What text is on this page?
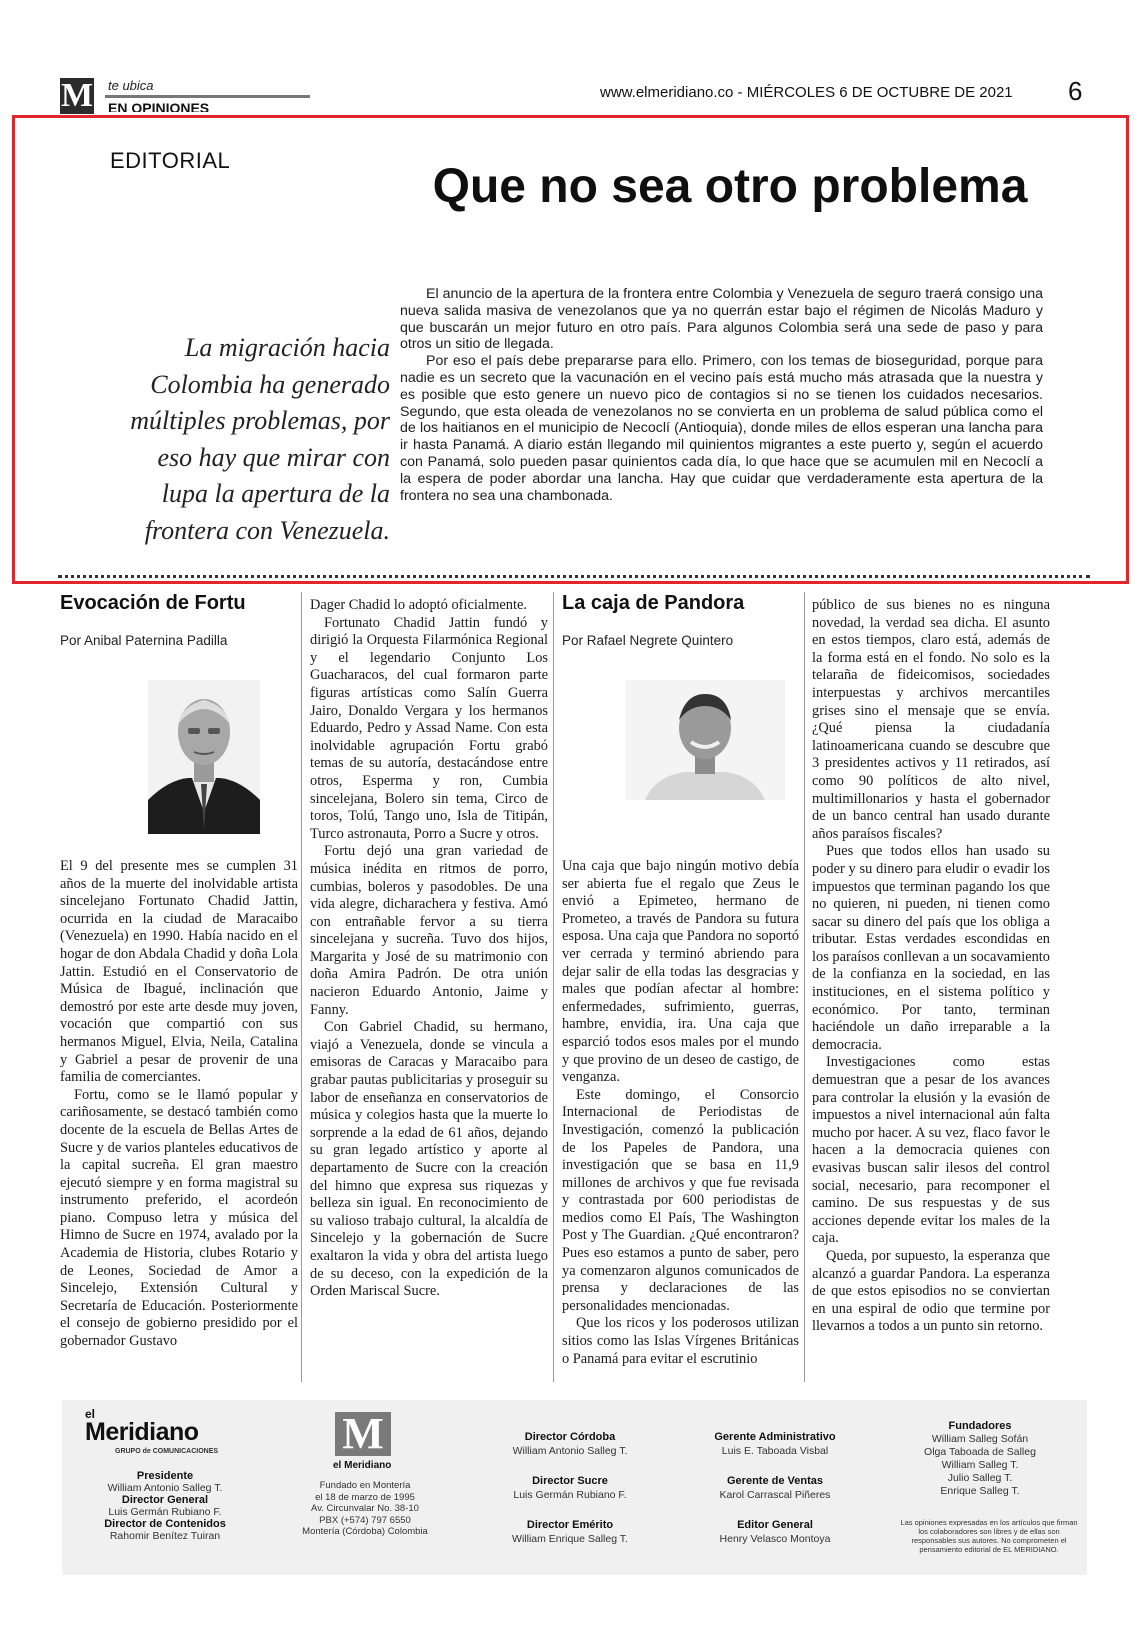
M te ubica
EN OPINIONES
www.elmeridiano.co - MIÉRCOLES 6 DE OCTUBRE DE 2021 6
EDITORIAL	Que no sea otro problema
La migración hacia Colombia ha generado múltiples problemas, por eso hay que mirar con lupa la apertura de la frontera con Venezuela.

El anuncio de la apertura de la frontera entre Colombia y Venezuela de seguro traerá consigo una nueva salida masiva de venezolanos que ya no querrán estar bajo el régimen de Nicolás Maduro y que buscarán un mejor futuro en otro país. Para algunos Colombia será una sede de paso y para otros un sitio de llegada.

Por eso el país debe prepararse para ello. Primero, con los temas de bioseguridad, porque para nadie es un secreto que la vacunación en el vecino país está mucho más atrasada que la nuestra y es posible que esto genere un nuevo pico de contagios si no se tienen los cuidados necesarios. Segundo, que esta oleada de venezolanos no se convierta en un problema de salud pública como el de los haitianos en el municipio de Necoclí (Antioquia), donde miles de ellos esperan una lancha para ir hasta Panamá. A diario están llegando mil quinientos migrantes a este puerto y, según el acuerdo con Panamá, solo pueden pasar quinientos cada día, lo que hace que se acumulen mil en Necoclí a la espera de poder abordar una lancha. Hay que cuidar que verdaderamente esta apertura de la frontera no sea una chambonada.

Evocación de Fortu
Por Anibal Paternina Padilla

El 9 del presente mes se cumplen 31 años de la muerte del inolvidable artista sincelejano Fortunato Chadid Jattin, ocurrida en la ciudad de Maracaibo (Venezuela) en 1990. Había nacido en el hogar de don Abdala Chadid y doña Lola Jattin. Estudió en el Conservatorio de Música de Ibagué, inclinación que demostró por este arte desde muy joven, vocación que compartió con sus hermanos Miguel, Elvia, Neila, Catalina y Gabriel a pesar de provenir de una familia de comerciantes.

Fortu, como se le llamó popular y cariñosamente, se destacó también como docente de la escuela de Bellas Artes de Sucre y de varios planteles educativos de la capital sucreña. El gran maestro ejecutó siempre y en forma magistral su instrumento preferido, el acordeón piano. Compuso letra y música del Himno de Sucre en 1974, avalado por la Academia de Historia, clubes Rotario y de Leones, Sociedad de Amor a Sincelejo, Extensión Cultural y Secretaría de Educación. Posteriormente el consejo de gobierno presidido por el gobernador Gustavo

Dager Chadid lo adoptó oficialmente.

Fortunato Chadid Jattin fundó y dirigió la Orquesta Filarmónica Regional y el legendario Conjunto Los Guacharacos, del cual formaron parte figuras artísticas como Salín Guerra Jairo, Donaldo Vergara y los hermanos Eduardo, Pedro y Assad Name. Con esta inolvidable agrupación Fortu grabó temas de su autoría, destacándose entre otros, Esperma y ron, Cumbia sincelejana, Bolero sin tema, Circo de toros, Tolú, Tango uno, Isla de Titipán, Turco astronauta, Porro a Sucre y otros.

Fortu dejó una gran variedad de música inédita en ritmos de porro, cumbias, boleros y pasodobles. De una vida alegre, dicharachera y festiva. Amó con entrañable fervor a su tierra sincelejana y sucreña. Tuvo dos hijos, Margarita y José de su matrimonio con doña Amira Padrón. De otra unión nacieron Eduardo Antonio, Jaime y Fanny.

Con Gabriel Chadid, su hermano, viajó a Venezuela, donde se vincula a emisoras de Caracas y Maracaibo para grabar pautas publicitarias y proseguir su labor de enseñanza en conservatorios de música y colegios hasta que la muerte lo sorprende a la edad de 61 años, dejando su gran legado artístico y aporte al departamento de Sucre con la creación del himno que expresa sus riquezas y belleza sin igual. En reconocimiento de su valioso trabajo cultural, la alcaldía de Sincelejo y la gobernación de Sucre exaltaron la vida y obra del artista luego de su deceso, con la expedición de la Orden Mariscal Sucre.

La caja de Pandora
Por Rafael Negrete Quintero

Una caja que bajo ningún motivo debía ser abierta fue el regalo que Zeus le envió a Epimeteo, hermano de Prometeo, a través de Pandora su futura esposa. Una caja que Pandora no soportó ver cerrada y terminó abriendo para dejar salir de ella todas las desgracias y males que podían afectar al hombre: enfermedades, sufrimiento, guerras, hambre, envidia, ira. Una caja que esparció todos esos males por el mundo y que provino de un deseo de castigo, de venganza.

Este domingo, el Consorcio Internacional de Periodistas de Investigación, comenzó la publicación de los Papeles de Pandora, una investigación que se basa en 11,9 millones de archivos y que fue revisada y contrastada por 600 periodistas de medios como El País, The Washington Post y The Guardian. ¿Qué encontraron? Pues eso estamos a punto de saber, pero ya comenzaron algunos comunicados de prensa y declaraciones de las personalidades mencionadas.

Que los ricos y los poderosos utilizan sitios como las Islas Vírgenes Británicas o Panamá para evitar el escrutinio

público de sus bienes no es ninguna novedad, la verdad sea dicha. El asunto en estos tiempos, claro está, además de la forma está en el fondo. No solo es la telaraña de fideicomisos, sociedades interpuestas y archivos mercantiles grises sino el mensaje que se envía. ¿Qué piensa la ciudadanía latinoamericana cuando se descubre que 3 presidentes activos y 11 retirados, así como 90 políticos de alto nivel, multimillonarios y hasta el gobernador de un banco central han usado durante años paraísos fiscales?

Pues que todos ellos han usado su poder y su dinero para eludir o evadir los impuestos que terminan pagando los que no quieren, ni pueden, ni tienen como sacar su dinero del país que los obliga a tributar. Estas verdades escondidas en los paraísos conllevan a un socavamiento de la confianza en la sociedad, en las instituciones, en el sistema político y económico. Por tanto, terminan haciéndole un daño irreparable a la democracia.

Investigaciones como estas demuestran que a pesar de los avances para controlar la elusión y la evasión de impuestos a nivel internacional aún falta mucho por hacer. A su vez, flaco favor le hacen a la democracia quienes con evasivas buscan salir ilesos del control social, necesario, para recomponer el camino. De sus respuestas y de sus acciones depende evitar los males de la caja.

Queda, por supuesto, la esperanza que alcanzó a guardar Pandora. La esperanza de que estos episodios no se conviertan en una espiral de odio que termine por llevarnos a todos a un punto sin retorno.

el
Meridiano
GRUPO de COMUNICACIONES
Presidente
William Antonio Salleg T.
Director General
Luis Germán Rubiano F.
Director de Contenidos
Rahomir Benítez Tuiran
M
el Meridiano
Fundado en Montería
el 18 de marzo de 1995
Av. Circunvalar No. 38-10
PBX (+574) 797 6550
Montería (Córdoba) Colombia
Director Córdoba
William Antonio Salleg T.
Director Sucre
Luis Germán Rubiano F.
Director Emérito
William Enrique Salleg T.
Gerente Administrativo
Luis E. Taboada Visbal
Gerente de Ventas
Karol Carrascal Piñeres
Editor General
Henry Velasco Montoya
Fundadores
William Salleg Sofán
Olga Taboada de Salleg
William Salleg T.
Julio Salleg T.
Enrique Salleg T.
Las opiniones expresadas en los artículos que firman los colaboradores son libres y de ellas son responsables sus autores. No comprometen el pensamiento editorial de EL MERIDIANO.
